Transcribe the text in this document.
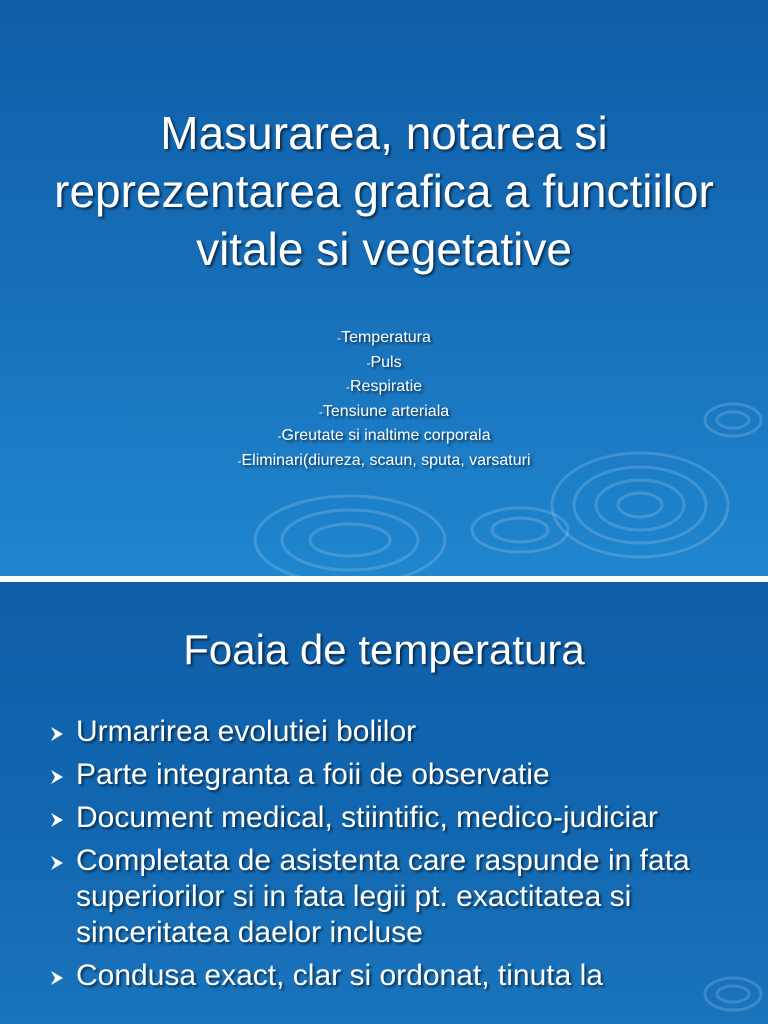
Masurarea, notarea si reprezentarea grafica a functiilor vitale si vegetative
-Temperatura
-Puls
-Respiratie
-Tensiune arteriala
-Greutate si inaltime corporala
-Eliminari(diureza, scaun, sputa, varsaturi
Foaia de temperatura
Urmarirea evolutiei bolilor
Parte integranta a foii de observatie
Document medical, stiintific, medico-judiciar
Completata de asistenta care raspunde in fata superiorilor si in fata legii pt. exactitatea si sinceritatea daelor incluse
Condusa exact, clar si ordonat, tinuta la
